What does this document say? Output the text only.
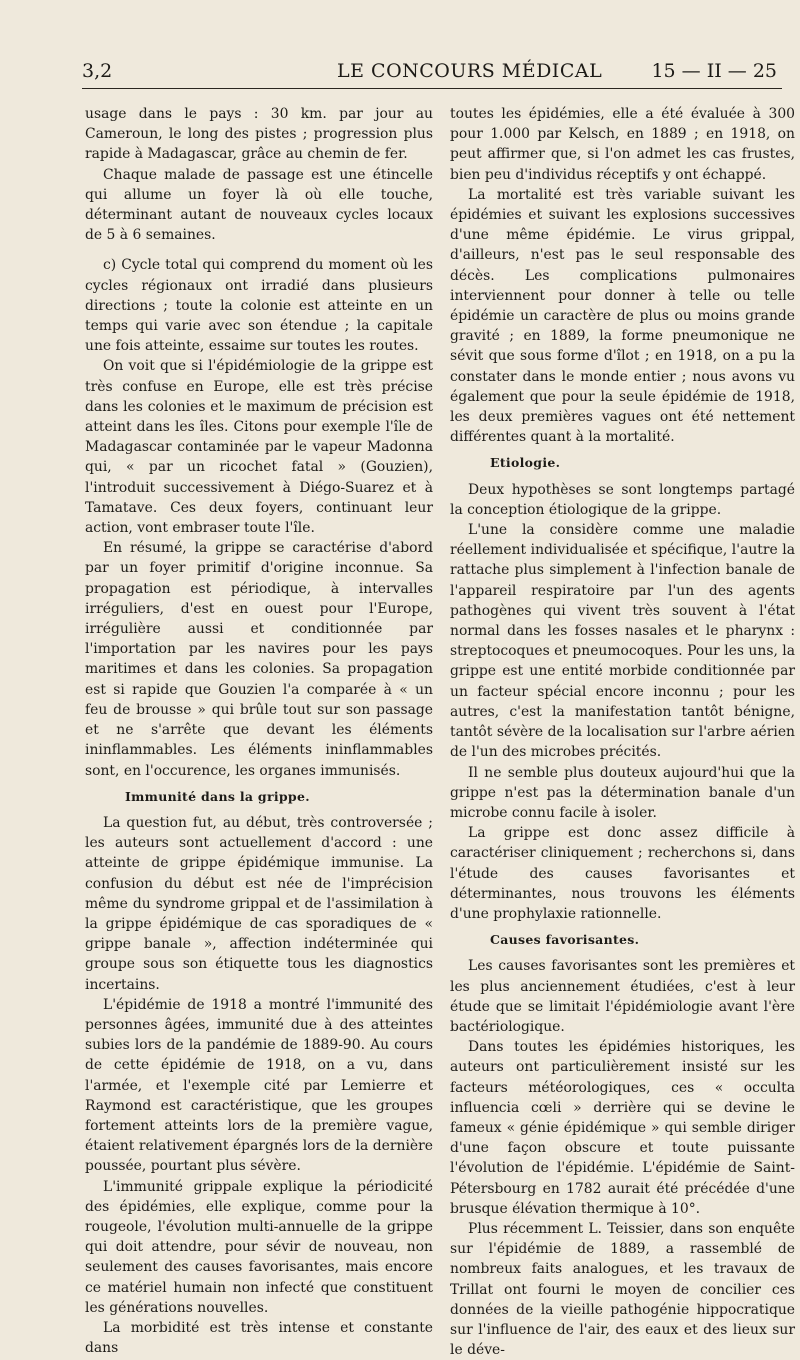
3,2	LE CONCOURS MÉDICAL	15 — II — 25

usage dans le pays : 30 km. par jour au Cameroun, le long des pistes ; progression plus rapide à Madagascar, grâce au chemin de fer.

Chaque malade de passage est une étincelle qui allume un foyer là où elle touche, déterminant autant de nouveaux cycles locaux de 5 à 6 semaines.

c) Cycle total qui comprend du moment où les cycles régionaux ont irradié dans plusieurs directions ; toute la colonie est atteinte en un temps qui varie avec son étendue ; la capitale une fois atteinte, essaime sur toutes les routes.

On voit que si l'épidémiologie de la grippe est très confuse en Europe, elle est très précise dans les colonies et le maximum de précision est atteint dans les îles. Citons pour exemple l'île de Madagascar contaminée par le vapeur Madonna qui, « par un ricochet fatal » (Gouzien), l'introduit successivement à Diégo-Suarez et à Tamatave. Ces deux foyers, continuant leur action, vont embraser toute l'île.

En résumé, la grippe se caractérise d'abord par un foyer primitif d'origine inconnue. Sa propagation est périodique, à intervalles irréguliers, d'est en ouest pour l'Europe, irrégulière aussi et conditionnée par l'importation par les navires pour les pays maritimes et dans les colonies. Sa propagation est si rapide que Gouzien l'a comparée à « un feu de brousse » qui brûle tout sur son passage et ne s'arrête que devant les éléments ininflammables. Les éléments ininflammables sont, en l'occurence, les organes immunisés.

Immunité dans la grippe.

La question fut, au début, très controversée ; les auteurs sont actuellement d'accord : une atteinte de grippe épidémique immunise. La confusion du début est née de l'imprécision même du syndrome grippal et de l'assimilation à la grippe épidémique de cas sporadiques de « grippe banale », affection indéterminée qui groupe sous son étiquette tous les diagnostics incertains.

L'épidémie de 1918 a montré l'immunité des personnes âgées, immunité due à des atteintes subies lors de la pandémie de 1889-90. Au cours de cette épidémie de 1918, on a vu, dans l'armée, et l'exemple cité par Lemierre et Raymond est caractéristique, que les groupes fortement atteints lors de la première vague, étaient relativement épargnés lors de la dernière poussée, pourtant plus sévère.

L'immunité grippale explique la périodicité des épidémies, elle explique, comme pour la rougeole, l'évolution multi-annuelle de la grippe qui doit attendre, pour sévir de nouveau, non seulement des causes favorisantes, mais encore ce matériel humain non infecté que constituent les générations nouvelles.

La morbidité est très intense et constante dans

toutes les épidémies, elle a été évaluée à 300 pour 1.000 par Kelsch, en 1889 ; en 1918, on peut affirmer que, si l'on admet les cas frustes, bien peu d'individus réceptifs y ont échappé.

La mortalité est très variable suivant les épidémies et suivant les explosions successives d'une même épidémie. Le virus grippal, d'ailleurs, n'est pas le seul responsable des décès. Les complications pulmonaires interviennent pour donner à telle ou telle épidémie un caractère de plus ou moins grande gravité ; en 1889, la forme pneumonique ne sévit que sous forme d'îlot ; en 1918, on a pu la constater dans le monde entier ; nous avons vu également que pour la seule épidémie de 1918, les deux premières vagues ont été nettement différentes quant à la mortalité.

Etiologie.

Deux hypothèses se sont longtemps partagé la conception étiologique de la grippe.

L'une la considère comme une maladie réellement individualisée et spécifique, l'autre la rattache plus simplement à l'infection banale de l'appareil respiratoire par l'un des agents pathogènes qui vivent très souvent à l'état normal dans les fosses nasales et le pharynx : streptocoques et pneumocoques. Pour les uns, la grippe est une entité morbide conditionnée par un facteur spécial encore inconnu ; pour les autres, c'est la manifestation tantôt bénigne, tantôt sévère de la localisation sur l'arbre aérien de l'un des microbes précités.

Il ne semble plus douteux aujourd'hui que la grippe n'est pas la détermination banale d'un microbe connu facile à isoler.

La grippe est donc assez difficile à caractériser cliniquement ; recherchons si, dans l'étude des causes favorisantes et déterminantes, nous trouvons les éléments d'une prophylaxie rationnelle.

Causes favorisantes.

Les causes favorisantes sont les premières et les plus anciennement étudiées, c'est à leur étude que se limitait l'épidémiologie avant l'ère bactériologique.

Dans toutes les épidémies historiques, les auteurs ont particulièrement insisté sur les facteurs météorologiques, ces « occulta influencia cœli » derrière qui se devine le fameux « génie épidémique » qui semble diriger d'une façon obscure et toute puissante l'évolution de l'épidémie. L'épidémie de Saint-Pétersbourg en 1782 aurait été précédée d'une brusque élévation thermique à 10°.

Plus récemment L. Teissier, dans son enquête sur l'épidémie de 1889, a rassemblé de nombreux faits analogues, et les travaux de Trillat ont fourni le moyen de concilier ces données de la vieille pathogénie hippocratique sur l'influence de l'air, des eaux et des lieux sur le déve-
